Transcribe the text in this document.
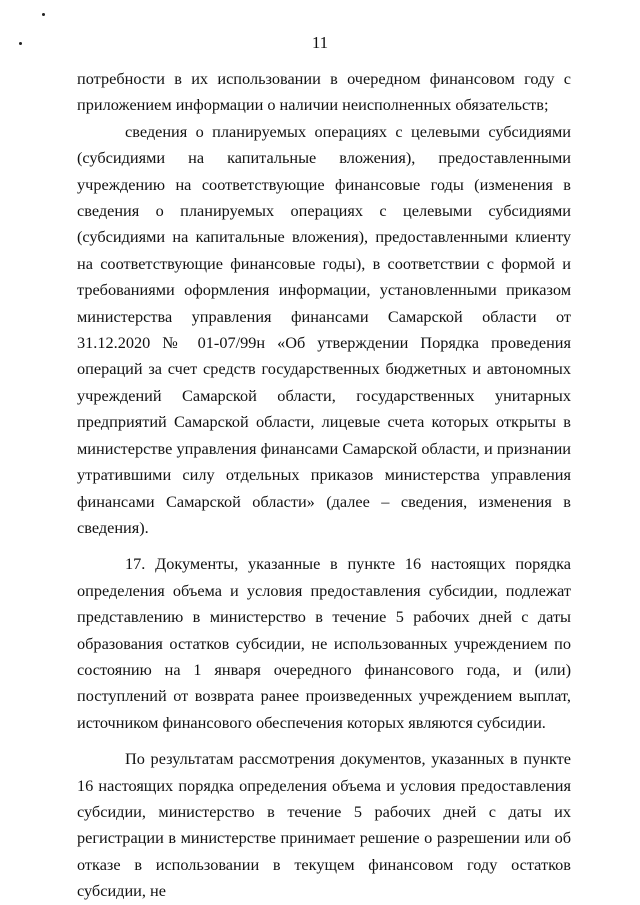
11

потребности в их использовании в очередном финансовом году с приложением информации о наличии неисполненных обязательств;

сведения о планируемых операциях с целевыми субсидиями (субсидиями на капитальные вложения), предоставленными учреждению на соответствующие финансовые годы (изменения в сведения о планируемых операциях с целевыми субсидиями (субсидиями на капитальные вложения), предоставленными клиенту на соответствующие финансовые годы), в соответствии с формой и требованиями оформления информации, установленными приказом министерства управления финансами Самарской области от 31.12.2020 № 01-07/99н «Об утверждении Порядка проведения операций за счет средств государственных бюджетных и автономных учреждений Самарской области, государственных унитарных предприятий Самарской области, лицевые счета которых открыты в министерстве управления финансами Самарской области, и признании утратившими силу отдельных приказов министерства управления финансами Самарской области» (далее – сведения, изменения в сведения).

17. Документы, указанные в пункте 16 настоящих порядка определения объема и условия предоставления субсидии, подлежат представлению в министерство в течение 5 рабочих дней с даты образования остатков субсидии, не использованных учреждением по состоянию на 1 января очередного финансового года, и (или) поступлений от возврата ранее произведенных учреждением выплат, источником финансового обеспечения которых являются субсидии.

По результатам рассмотрения документов, указанных в пункте 16 настоящих порядка определения объема и условия предоставления субсидии, министерство в течение 5 рабочих дней с даты их регистрации в министерстве принимает решение о разрешении или об отказе в использовании в текущем финансовом году остатков субсидии, не
